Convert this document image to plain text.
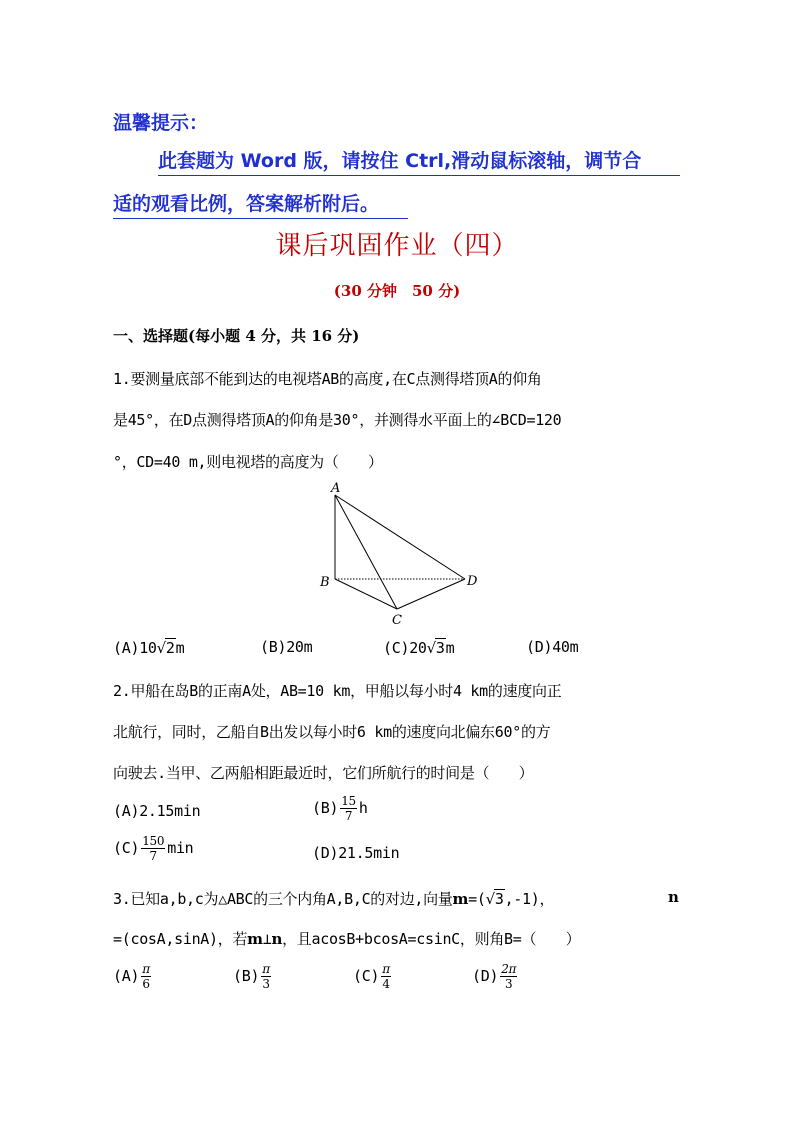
温馨提示：
此套题为 Word 版，请按住 Ctrl,滑动鼠标滚轴，调节合
适的观看比例，答案解析附后。
课后巩固作业（四）
(30 分钟　50 分)
一、选择题(每小题 4 分，共 16 分)
1.要测量底部不能到达的电视塔AB的高度,在C点测得塔顶A的仰角
是45°，在D点测得塔顶A的仰角是30°，并测得水平面上的∠BCD=120
°，CD=40 m,则电视塔的高度为（　　）
A
B
C
D
(A)10√2m	(B)20m	(C)20√3m	(D)40m
2.甲船在岛B的正南A处，AB=10 km，甲船以每小时4 km的速度向正
北航行，同时，乙船自B出发以每小时6 km的速度向北偏东60°的方
向驶去.当甲、乙两船相距最近时，它们所航行的时间是（　　）
(A)2.15min	$(B) \frac{15}{7}$ h
$(C) \frac{150}{7}$ min	(D)21.5min
3.已知a,b,c为△ABC的三个内角A,B,C的对边,向量m=(√3,-1)，	n
=(cosA,sinA)，若m⊥n，且acosB+bcosA=csinC，则角B=（　　）
$(A) \frac{\pi}{6}$	$(B) \frac{\pi}{3}$	$(C) \frac{\pi}{4}$	$(D) \frac{2\pi}{3}$
